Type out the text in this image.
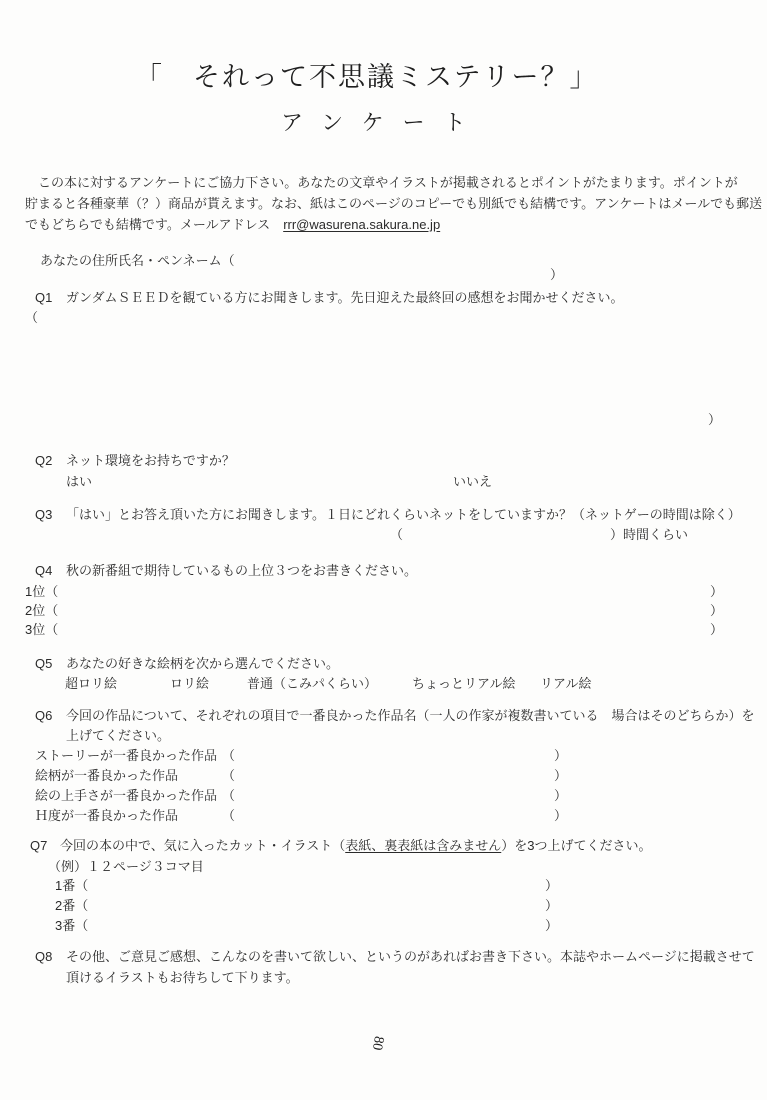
「　それって不思議ミステリー？」
アンケート
　この本に対するアンケートにご協力下さい。あなたの文章やイラストが掲載されるとポイントがたまります。ポイントが
貯まると各種豪華（？）商品が貰えます。なお、紙はこのページのコピーでも別紙でも結構です。アンケートはメールでも郵送
でもどちらでも結構です。メールアドレス　rrr@wasurena.sakura.ne.jp
あなたの住所氏名・ペンネーム（
）
Q1 ガンダムＳＥＥＤを観ている方にお聞きします。先日迎えた最終回の感想をお聞かせください。
（
）
Q2 ネット環境をお持ちですか？
はい	いいえ
Q3 「はい」とお答え頂いた方にお聞きします。１日にどれくらいネットをしていますか？（ネットゲーの時間は除く）
（	）時間くらい
Q4 秋の新番組で期待しているもの上位３つをお書きください。
1位（	）
2位（	）
3位（	）
Q5 あなたの好きな絵柄を次から選んでください。
超ロリ絵	ロリ絵	普通（こみパくらい）	ちょっとリアル絵 リアル絵
Q6 今回の作品について、それぞれの項目で一番良かった作品名（一人の作家が複数書いている　場合はそのどちらか）を
上げてください。
ストーリーが一番良かった作品 （	）
絵柄が一番良かった作品	（	）
絵の上手さが一番良かった作品 （	）
Ｈ度が一番良かった作品	（	）
Q7 今回の本の中で、気に入ったカット・イラスト（表紙、裏表紙は含みません）を3つ上げてください。
（例）１２ページ３コマ目
1番（	）
2番（	）
3番（	）
Q8 その他、ご意見ご感想、こんなのを書いて欲しい、というのがあればお書き下さい。本誌やホームページに掲載させて
頂けるイラストもお待ちして下ります。
80
